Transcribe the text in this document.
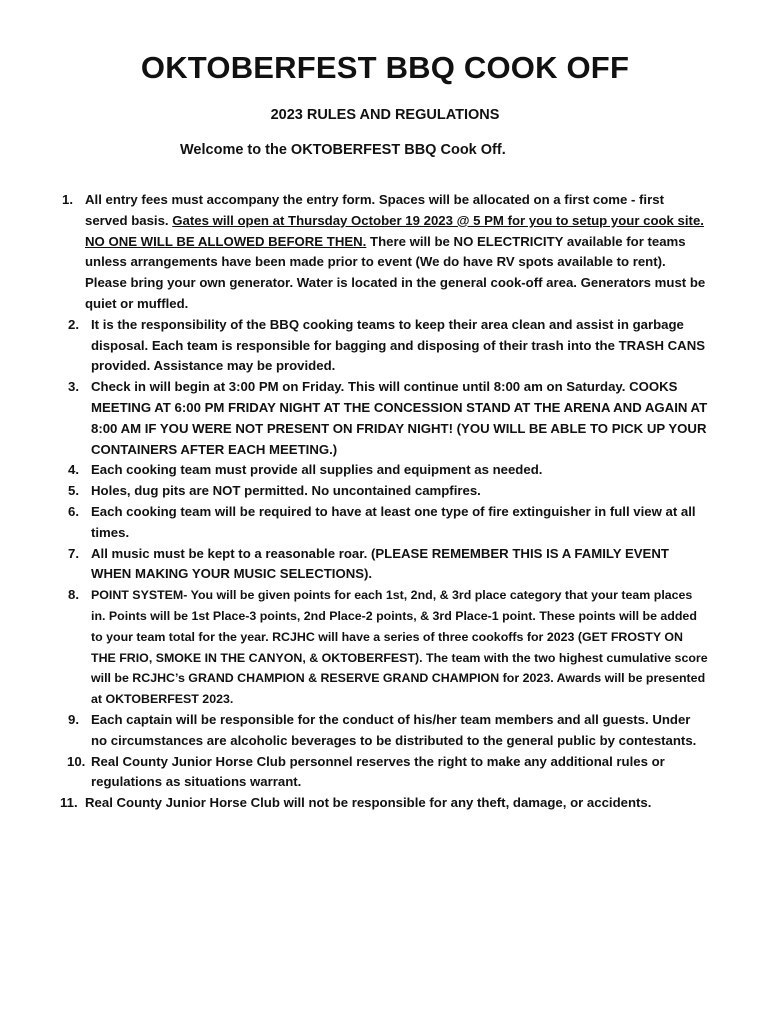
OKTOBERFEST BBQ COOK OFF
2023 RULES AND REGULATIONS
Welcome to the OKTOBERFEST BBQ Cook Off.
1. All entry fees must accompany the entry form. Spaces will be allocated on a first come - first served basis. Gates will open at Thursday October 19 2023 @ 5 PM for you to setup your cook site. NO ONE WILL BE ALLOWED BEFORE THEN. There will be NO ELECTRICITY available for teams unless arrangements have been made prior to event (We do have RV spots available to rent). Please bring your own generator. Water is located in the general cook-off area. Generators must be quiet or muffled.
2. It is the responsibility of the BBQ cooking teams to keep their area clean and assist in garbage disposal. Each team is responsible for bagging and disposing of their trash into the TRASH CANS provided. Assistance may be provided.
3. Check in will begin at 3:00 PM on Friday. This will continue until 8:00 am on Saturday. COOKS MEETING AT 6:00 PM FRIDAY NIGHT AT THE CONCESSION STAND AT THE ARENA AND AGAIN AT 8:00 AM IF YOU WERE NOT PRESENT ON FRIDAY NIGHT! (YOU WILL BE ABLE TO PICK UP YOUR CONTAINERS AFTER EACH MEETING.)
4. Each cooking team must provide all supplies and equipment as needed.
5. Holes, dug pits are NOT permitted. No uncontained campfires.
6. Each cooking team will be required to have at least one type of fire extinguisher in full view at all times.
7. All music must be kept to a reasonable roar. (PLEASE REMEMBER THIS IS A FAMILY EVENT WHEN MAKING YOUR MUSIC SELECTIONS).
8. POINT SYSTEM- You will be given points for each 1st, 2nd, & 3rd place category that your team places in. Points will be 1st Place-3 points, 2nd Place-2 points, & 3rd Place-1 point. These points will be added to your team total for the year. RCJHC will have a series of three cookoffs for 2023 (GET FROSTY ON THE FRIO, SMOKE IN THE CANYON, & OKTOBERFEST). The team with the two highest cumulative score will be RCJHC’s GRAND CHAMPION & RESERVE GRAND CHAMPION for 2023. Awards will be presented at OKTOBERFEST 2023.
9. Each captain will be responsible for the conduct of his/her team members and all guests. Under no circumstances are alcoholic beverages to be distributed to the general public by contestants.
10. Real County Junior Horse Club personnel reserves the right to make any additional rules or regulations as situations warrant.
11. Real County Junior Horse Club will not be responsible for any theft, damage, or accidents.
